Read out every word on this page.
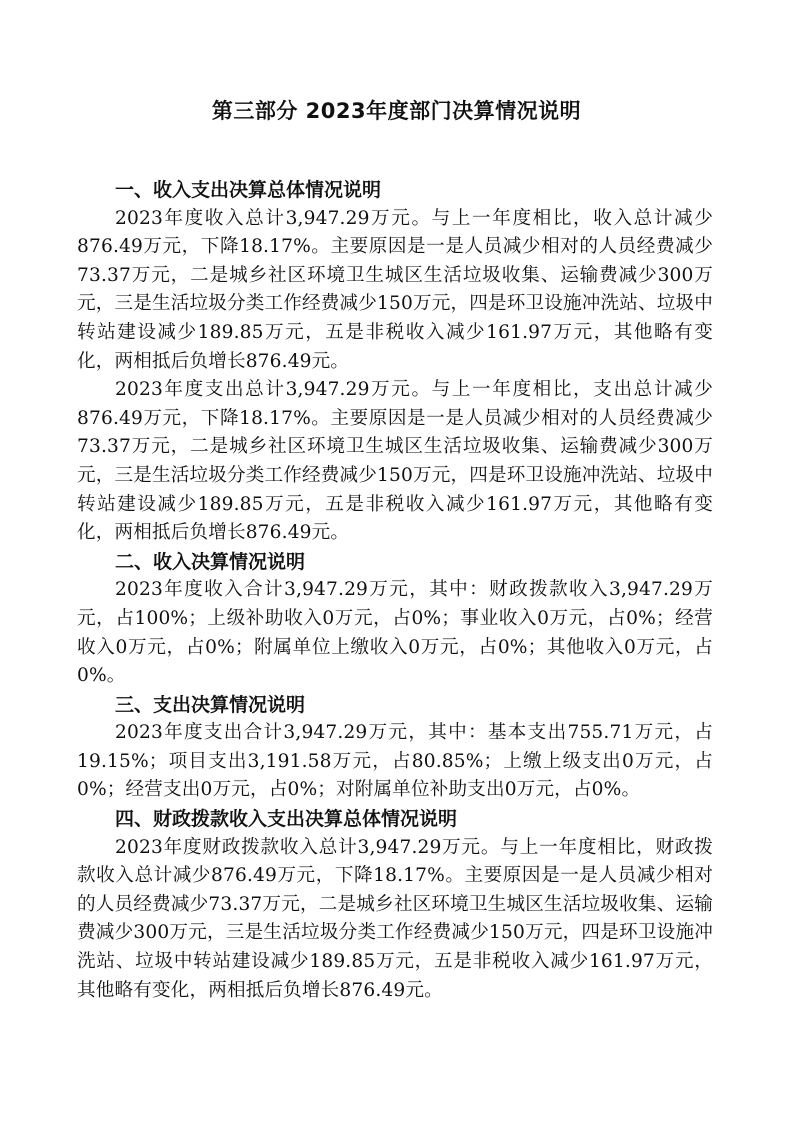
第三部分 2023年度部门决算情况说明
一、收入支出决算总体情况说明

2023年度收入总计3,947.29万元。与上一年度相比，收入总计减少876.49万元，下降18.17%。主要原因是一是人员减少相对的人员经费减少73.37万元，二是城乡社区环境卫生城区生活垃圾收集、运输费减少300万元，三是生活垃圾分类工作经费减少150万元，四是环卫设施冲洗站、垃圾中转站建设减少189.85万元，五是非税收入减少161.97万元，其他略有变化，两相抵后负增长876.49元。

2023年度支出总计3,947.29万元。与上一年度相比，支出总计减少876.49万元，下降18.17%。主要原因是一是人员减少相对的人员经费减少73.37万元，二是城乡社区环境卫生城区生活垃圾收集、运输费减少300万元，三是生活垃圾分类工作经费减少150万元，四是环卫设施冲洗站、垃圾中转站建设减少189.85万元，五是非税收入减少161.97万元，其他略有变化，两相抵后负增长876.49元。

二、收入决算情况说明

2023年度收入合计3,947.29万元，其中：财政拨款收入3,947.29万元，占100%；上级补助收入0万元，占0%；事业收入0万元，占0%；经营收入0万元，占0%；附属单位上缴收入0万元，占0%；其他收入0万元，占0%。

三、支出决算情况说明

2023年度支出合计3,947.29万元，其中：基本支出755.71万元，占19.15%；项目支出3,191.58万元，占80.85%；上缴上级支出0万元，占0%；经营支出0万元，占0%；对附属单位补助支出0万元，占0%。

四、财政拨款收入支出决算总体情况说明

2023年度财政拨款收入总计3,947.29万元。与上一年度相比，财政拨款收入总计减少876.49万元，下降18.17%。主要原因是一是人员减少相对的人员经费减少73.37万元，二是城乡社区环境卫生城区生活垃圾收集、运输费减少300万元，三是生活垃圾分类工作经费减少150万元，四是环卫设施冲洗站、垃圾中转站建设减少189.85万元，五是非税收入减少161.97万元，其他略有变化，两相抵后负增长876.49元。
